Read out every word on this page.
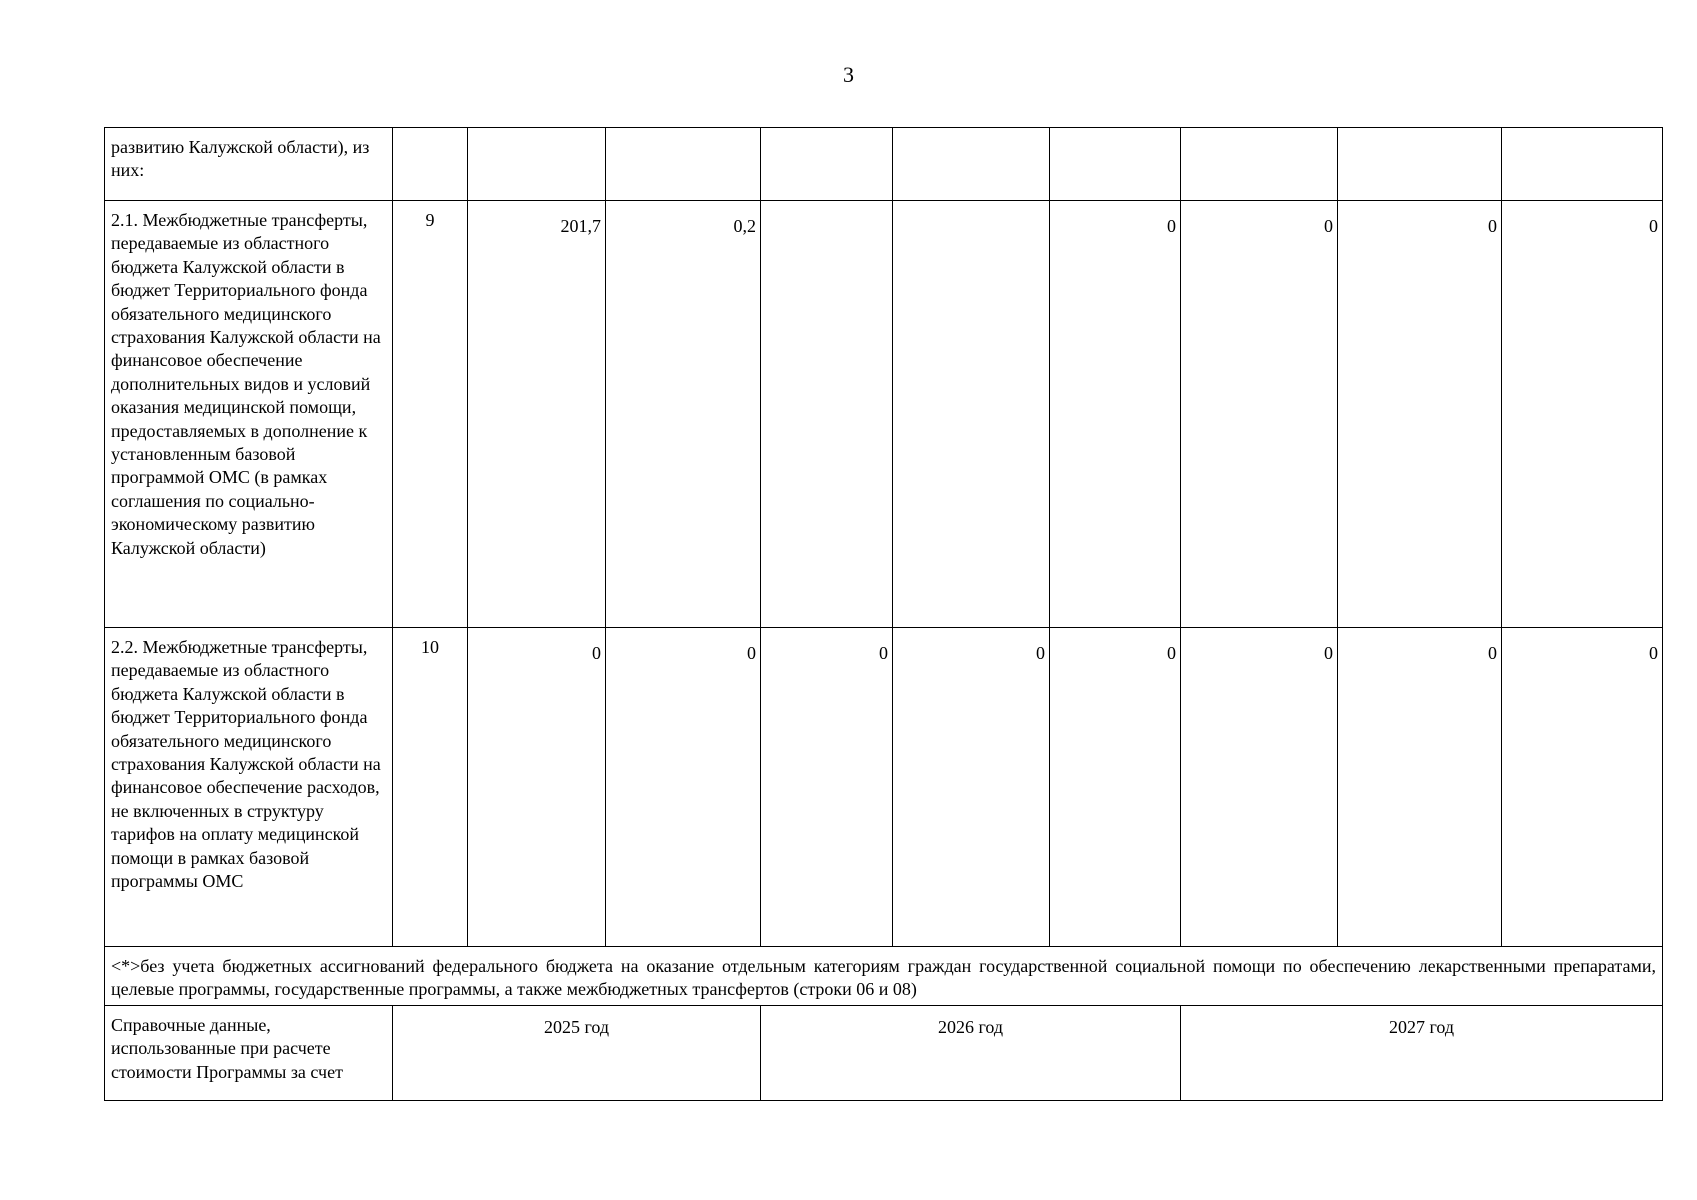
3
развитию Калужской области), из них:									
2.1. Межбюджетные трансферты, передаваемые из областного бюджета Калужской области в бюджет Территориального фонда обязательного медицинского страхования Калужской области на финансовое обеспечение дополнительных видов и условий оказания медицинской помощи, предоставляемых в дополнение к установленным базовой программой ОМС (в рамках соглашения по социально-экономическому развитию Калужской области)	9	201,7	0,2			0	0	0	0
2.2. Межбюджетные трансферты, передаваемые из областного бюджета Калужской области в бюджет Территориального фонда обязательного медицинского страхования Калужской области на финансовое обеспечение расходов, не включенных в структуру тарифов на оплату медицинской помощи в рамках базовой программы ОМС	10	0	0	0	0	0	0	0	0
<*>без учета бюджетных ассигнований федерального бюджета на оказание отдельным категориям граждан государственной социальной помощи по обеспечению лекарственными препаратами, целевые программы, государственные программы, а также межбюджетных трансфертов (строки 06 и 08)									
Справочные данные, использованные при расчете стоимости Программы за счет	2025 год			2026 год			2027 год		
